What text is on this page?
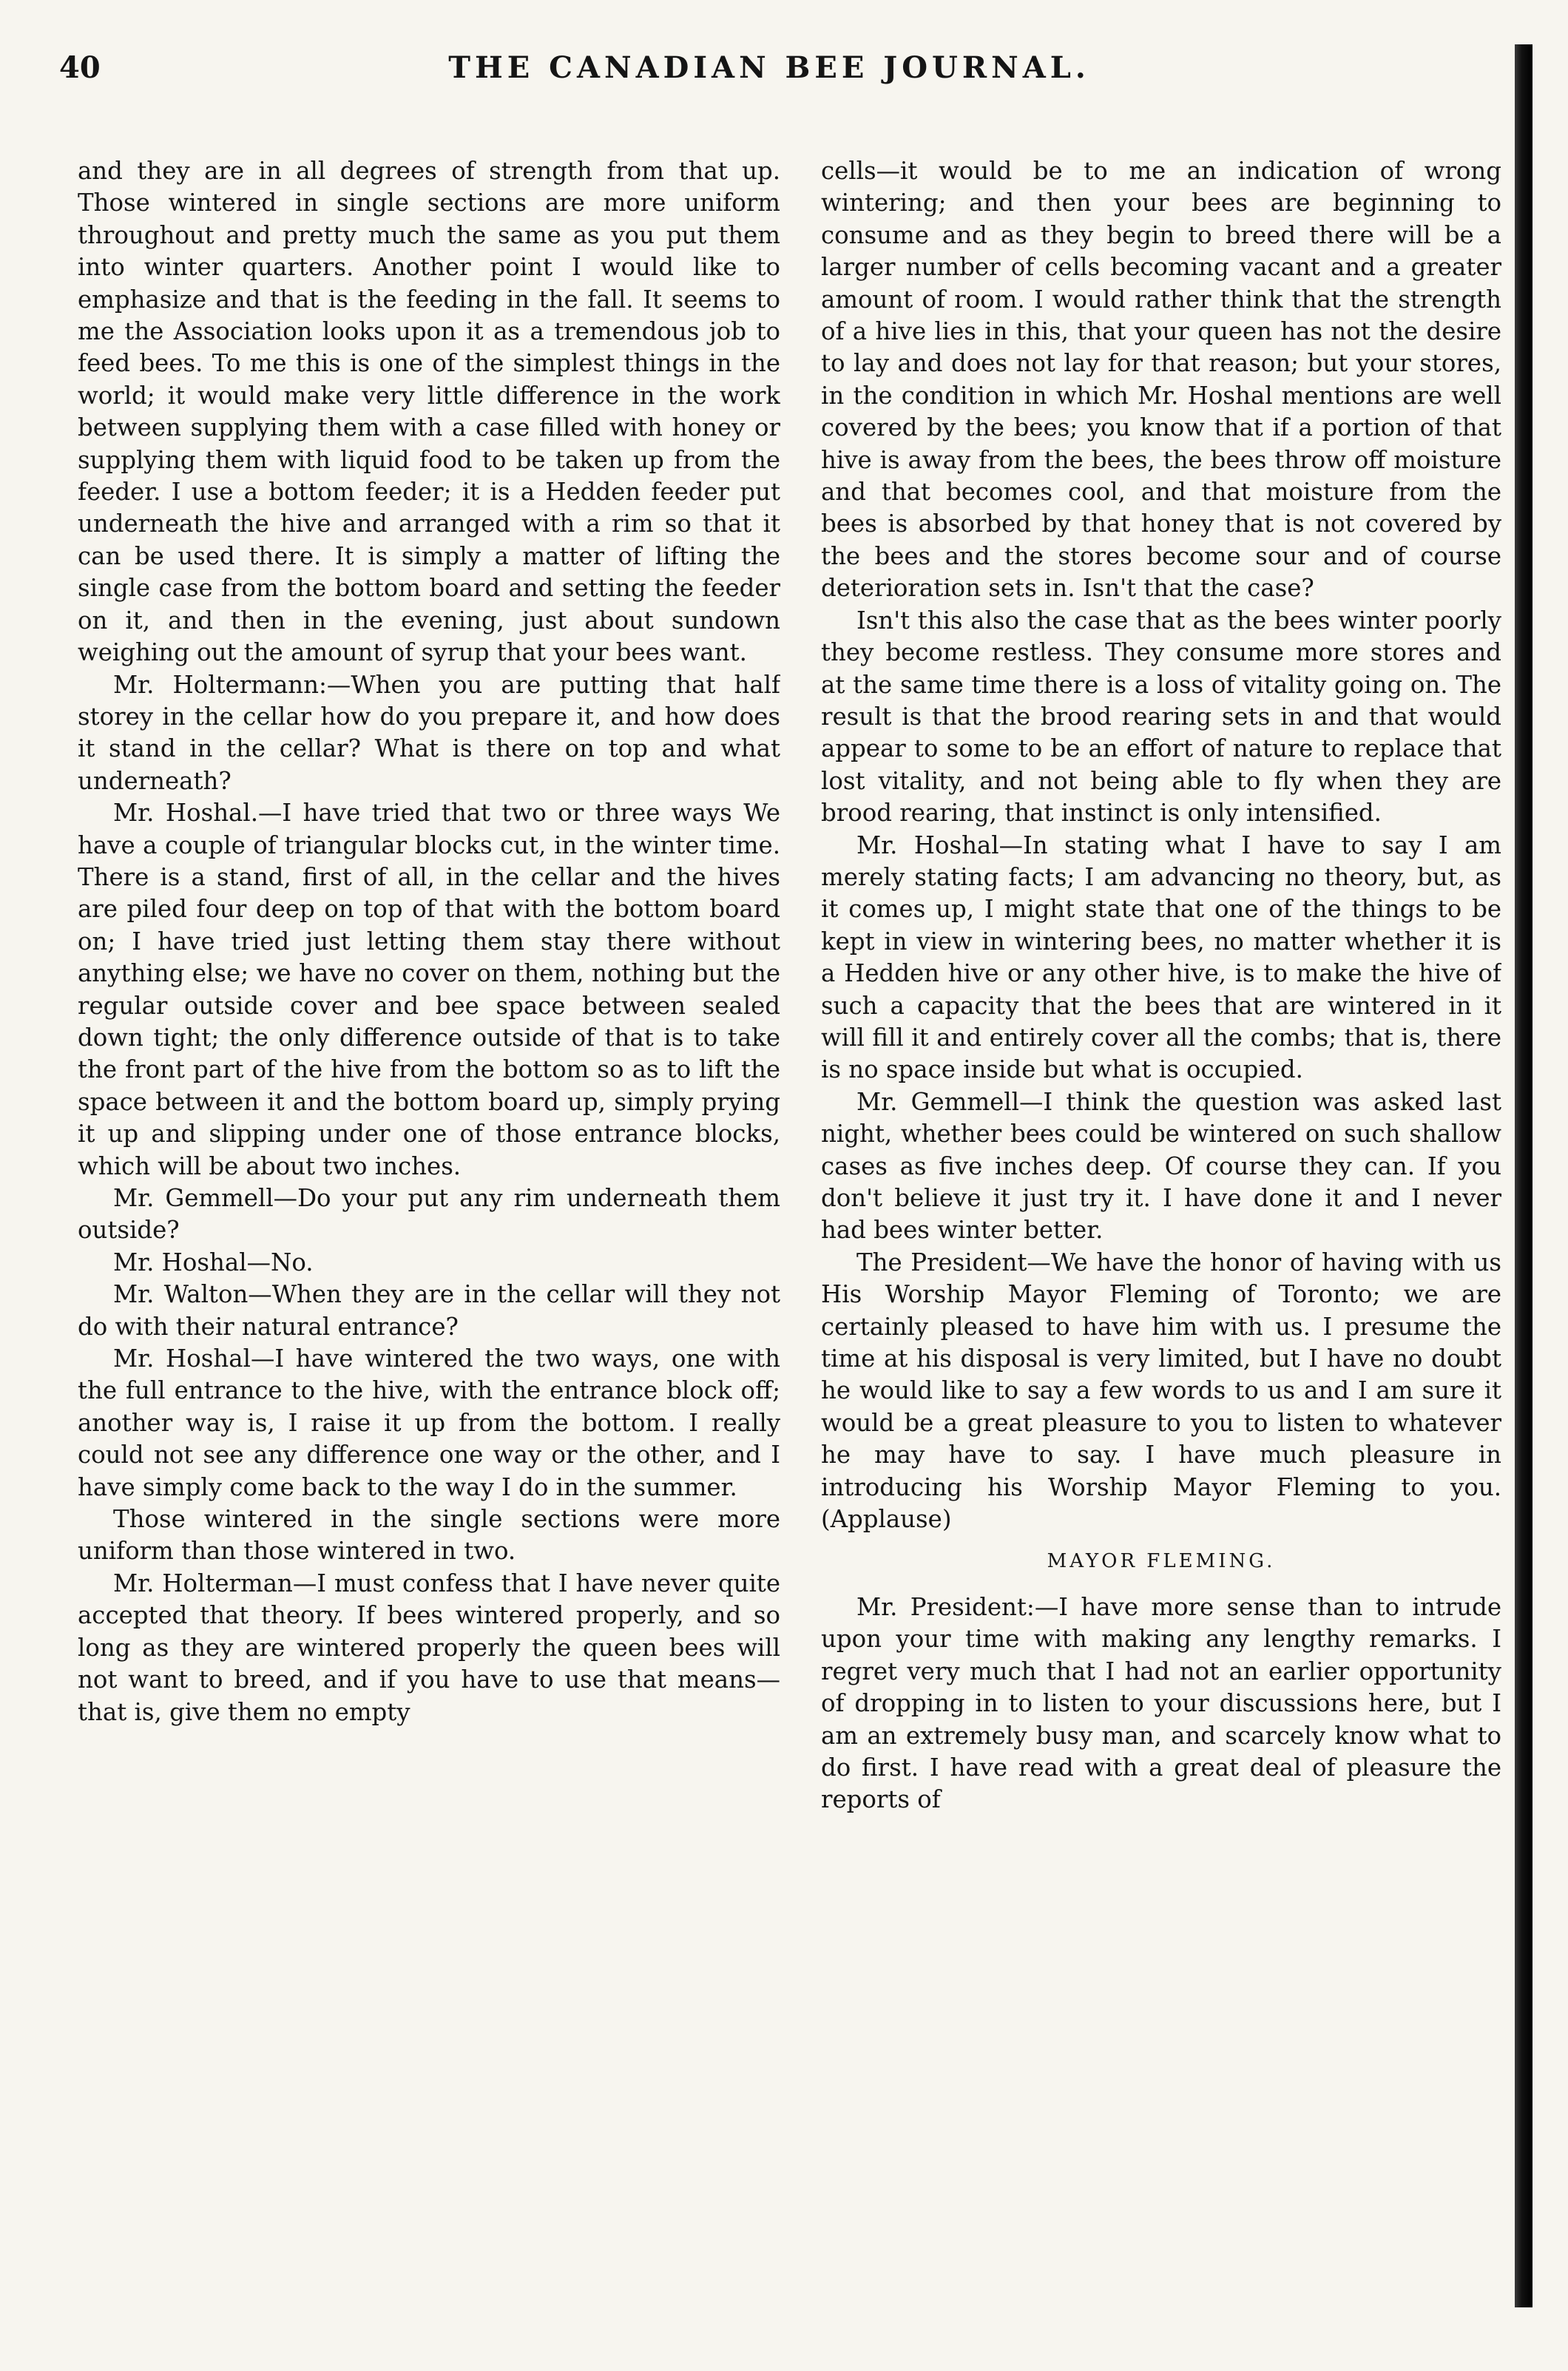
40	THE CANADIAN BEE JOURNAL.

and they are in all degrees of strength from that up. Those wintered in single sections are more uniform throughout and pretty much the same as you put them into winter quarters. Another point I would like to emphasize and that is the feeding in the fall. It seems to me the Association looks upon it as a tremendous job to feed bees. To me this is one of the simplest things in the world; it would make very little difference in the work between supplying them with a case filled with honey or supplying them with liquid food to be taken up from the feeder. I use a bottom feeder; it is a Hedden feeder put underneath the hive and arranged with a rim so that it can be used there. It is simply a matter of lifting the single case from the bottom board and setting the feeder on it, and then in the evening, just about sundown weighing out the amount of syrup that your bees want.

Mr. Holtermann:—When you are putting that half storey in the cellar how do you prepare it, and how does it stand in the cellar? What is there on top and what underneath?

Mr. Hoshal.—I have tried that two or three ways We have a couple of triangular blocks cut, in the winter time. There is a stand, first of all, in the cellar and the hives are piled four deep on top of that with the bottom board on; I have tried just letting them stay there without anything else; we have no cover on them, nothing but the regular outside cover and bee space between sealed down tight; the only difference outside of that is to take the front part of the hive from the bottom so as to lift the space between it and the bottom board up, simply prying it up and slipping under one of those entrance blocks, which will be about two inches.

Mr. Gemmell—Do your put any rim underneath them outside?

Mr. Hoshal—No.

Mr. Walton—When they are in the cellar will they not do with their natural entrance?

Mr. Hoshal—I have wintered the two ways, one with the full entrance to the hive, with the entrance block off; another way is, I raise it up from the bottom. I really could not see any difference one way or the other, and I have simply come back to the way I do in the summer.

Those wintered in the single sections were more uniform than those wintered in two.

Mr. Holterman—I must confess that I have never quite accepted that theory. If bees wintered properly, and so long as they are wintered properly the queen bees will not want to breed, and if you have to use that means—that is, give them no empty

cells—it would be to me an indication of wrong wintering; and then your bees are beginning to consume and as they begin to breed there will be a larger number of cells becoming vacant and a greater amount of room. I would rather think that the strength of a hive lies in this, that your queen has not the desire to lay and does not lay for that reason; but your stores, in the condition in which Mr. Hoshal mentions are well covered by the bees; you know that if a portion of that hive is away from the bees, the bees throw off moisture and that becomes cool, and that moisture from the bees is absorbed by that honey that is not covered by the bees and the stores become sour and of course deterioration sets in. Isn't that the case?

Isn't this also the case that as the bees winter poorly they become restless. They consume more stores and at the same time there is a loss of vitality going on. The result is that the brood rearing sets in and that would appear to some to be an effort of nature to replace that lost vitality, and not being able to fly when they are brood rearing, that instinct is only intensified.

Mr. Hoshal—In stating what I have to say I am merely stating facts; I am advancing no theory, but, as it comes up, I might state that one of the things to be kept in view in wintering bees, no matter whether it is a Hedden hive or any other hive, is to make the hive of such a capacity that the bees that are wintered in it will fill it and entirely cover all the combs; that is, there is no space inside but what is occupied.

Mr. Gemmell—I think the question was asked last night, whether bees could be wintered on such shallow cases as five inches deep. Of course they can. If you don't believe it just try it. I have done it and I never had bees winter better.

The President—We have the honor of having with us His Worship Mayor Fleming of Toronto; we are certainly pleased to have him with us. I presume the time at his disposal is very limited, but I have no doubt he would like to say a few words to us and I am sure it would be a great pleasure to you to listen to whatever he may have to say. I have much pleasure in introducing his Worship Mayor Fleming to you. (Applause)

MAYOR FLEMING.

Mr. President:—I have more sense than to intrude upon your time with making any lengthy remarks. I regret very much that I had not an earlier opportunity of dropping in to listen to your discussions here, but I am an extremely busy man, and scarcely know what to do first. I have read with a great deal of pleasure the reports of
